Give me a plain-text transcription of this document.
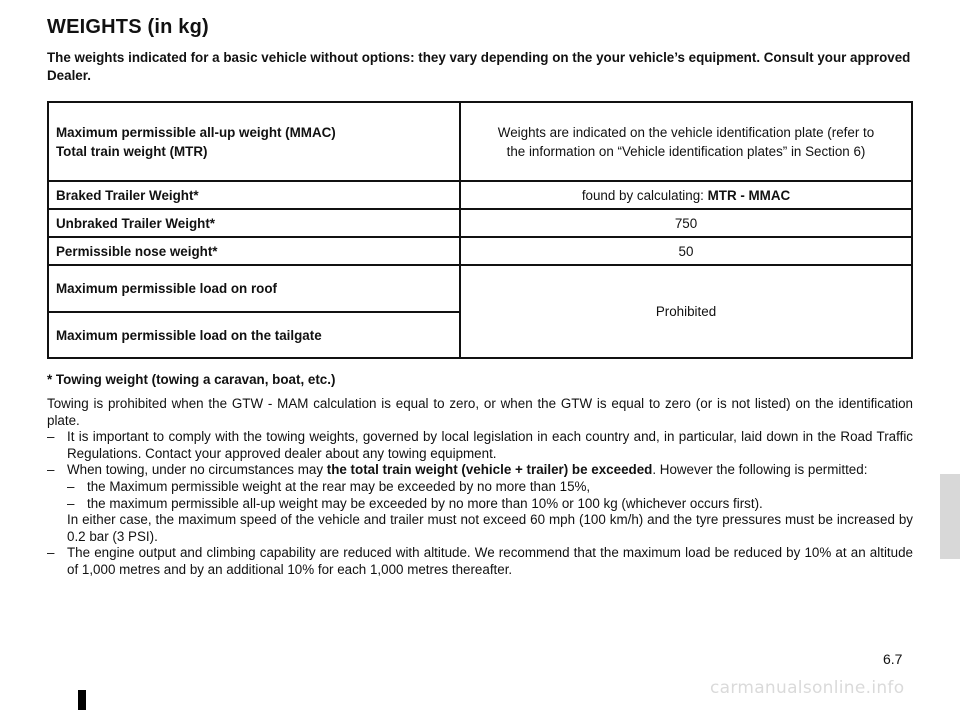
WEIGHTS (in kg)
The weights indicated for a basic vehicle without options: they vary depending on the your vehicle’s equipment. Consult your approved Dealer.
Maximum permissible all-up weight (MMAC)
Total train weight (MTR)	Weights are indicated on the vehicle identification plate (refer to
the information on “Vehicle identification plates” in Section 6)

Braked Trailer Weight*	found by calculating: MTR - MMAC
Unbraked Trailer Weight*	750
Permissible nose weight*	50
Maximum permissible load on roof	Prohibited
Maximum permissible load on the tailgate	
* Towing weight (towing a caravan, boat, etc.)

Towing is prohibited when the GTW - MAM calculation is equal to zero, or when the GTW is equal to zero (or is not listed) on the identification plate.

– It is important to comply with the towing weights, governed by local legislation in each country and, in particular, laid down in the Road Traffic Regulations. Contact your approved dealer about any towing equipment.

– When towing, under no circumstances may the total train weight (vehicle + trailer) be exceeded. However the following is permitted:

– the Maximum permissible weight at the rear may be exceeded by no more than 15%,

– the maximum permissible all-up weight may be exceeded by no more than 10% or 100 kg (whichever occurs first).

In either case, the maximum speed of the vehicle and trailer must not exceed 60 mph (100 km/h) and the tyre pressures must be increased by 0.2 bar (3 PSI).

– The engine output and climbing capability are reduced with altitude. We recommend that the maximum load be reduced by 10% at an altitude of 1,000 metres and by an additional 10% for each 1,000 metres thereafter.

6.7
carmanualsonline.info
